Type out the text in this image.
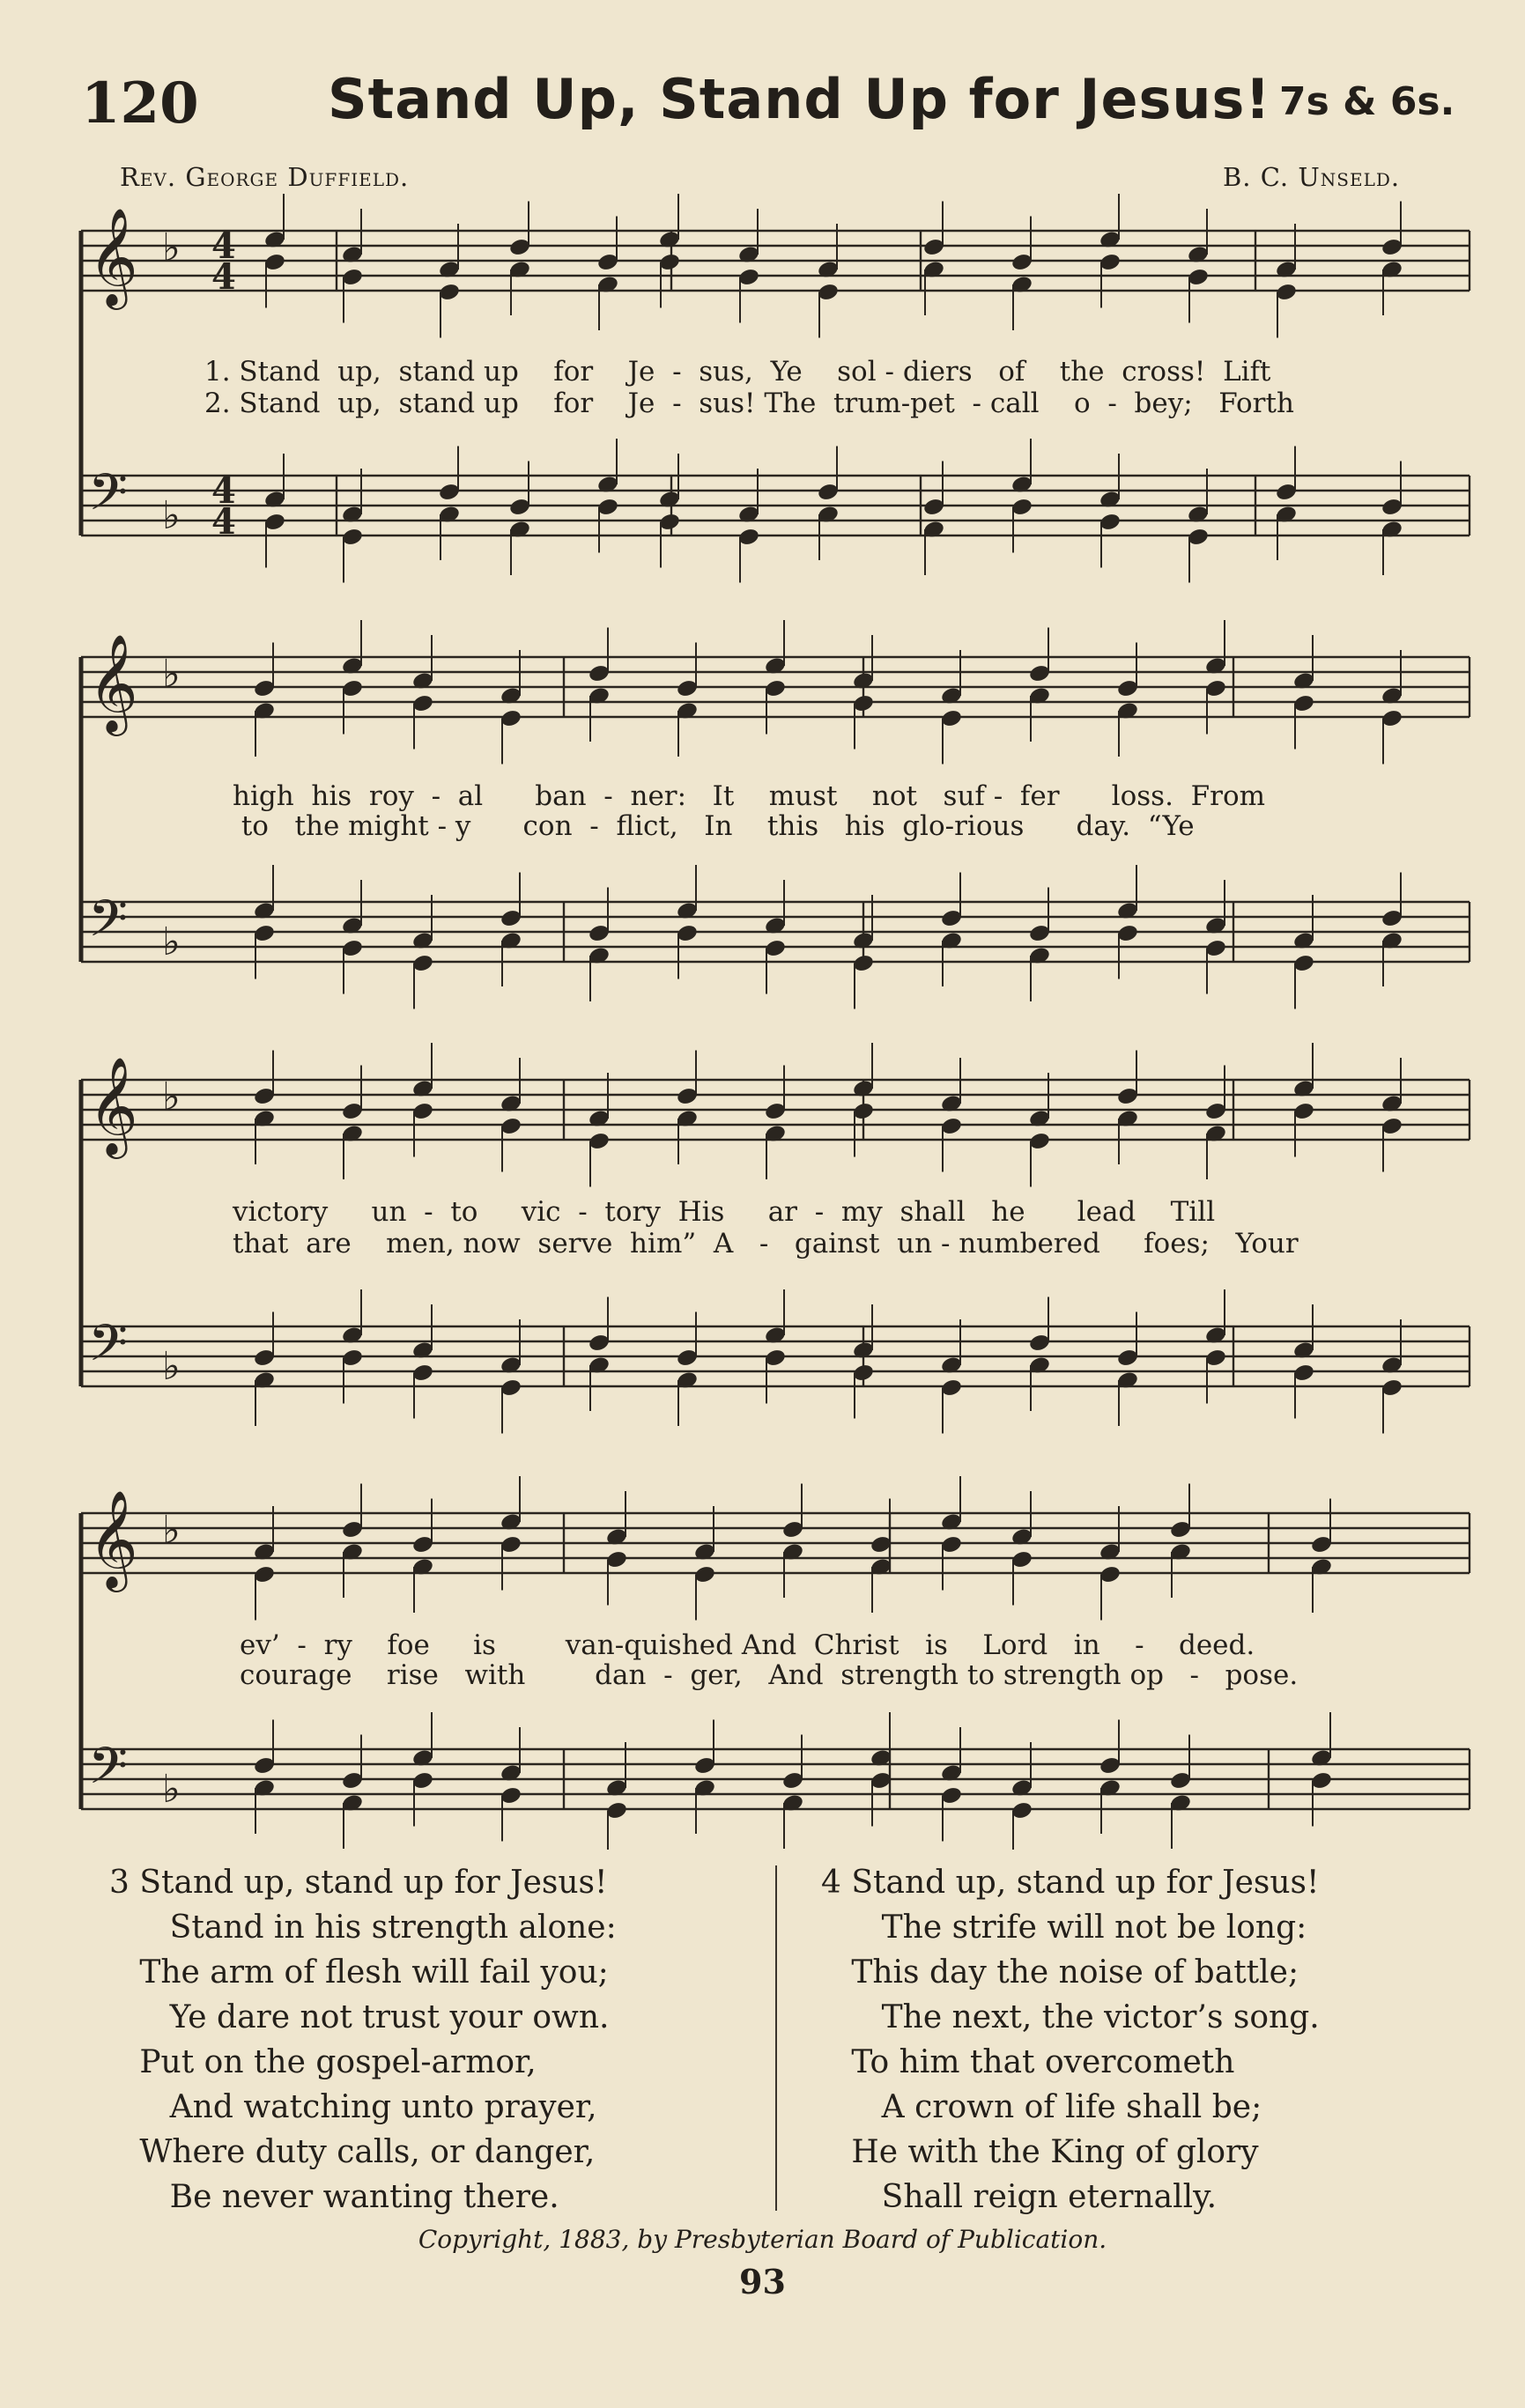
120 Stand Up, Stand Up for Jesus! 7s & 6s.
Rev. George Duffield.	B. C. Unseld.
𝄞 ♭ 4
4
𝄢 ♭
4
4
𝄞 ♭
𝄢 ♭
𝄞 ♭
𝄢 ♭
𝄞 ♭
𝄢 ♭
1. Stand  up,  stand up    for    Je  -  sus,  Ye    sol - diers   of    the  cross!  Lift
2. Stand  up,  stand up    for    Je  -  sus! The  trum-pet  - call    o  -  bey;   Forth
high  his  roy  -  al      ban  -  ner:   It    must    not   suf -  fer      loss.  From
to   the might - y      con  -  flict,   In    this   his  glo-rious      day.  “Ye
victory     un  -  to     vic  -  tory  His     ar  -  my  shall   he      lead    Till
that  are    men, now  serve  him”  A   -   gainst  un - numbered     foes;   Your
ev’  -  ry    foe     is        van-quished And  Christ   is    Lord   in    -    deed.
courage    rise   with        dan  -  ger,   And  strength to strength op   -   pose.
3 Stand up, stand up for Jesus!
Stand in his strength alone:
The arm of flesh will fail you;
Ye dare not trust your own.
Put on the gospel-armor,
And watching unto prayer,
Where duty calls, or danger,
Be never wanting there.
4 Stand up, stand up for Jesus!
The strife will not be long:
This day the noise of battle;
The next, the victor’s song.
To him that overcometh
A crown of life shall be;
He with the King of glory
Shall reign eternally.
Copyright, 1883, by Presbyterian Board of Publication.
93
